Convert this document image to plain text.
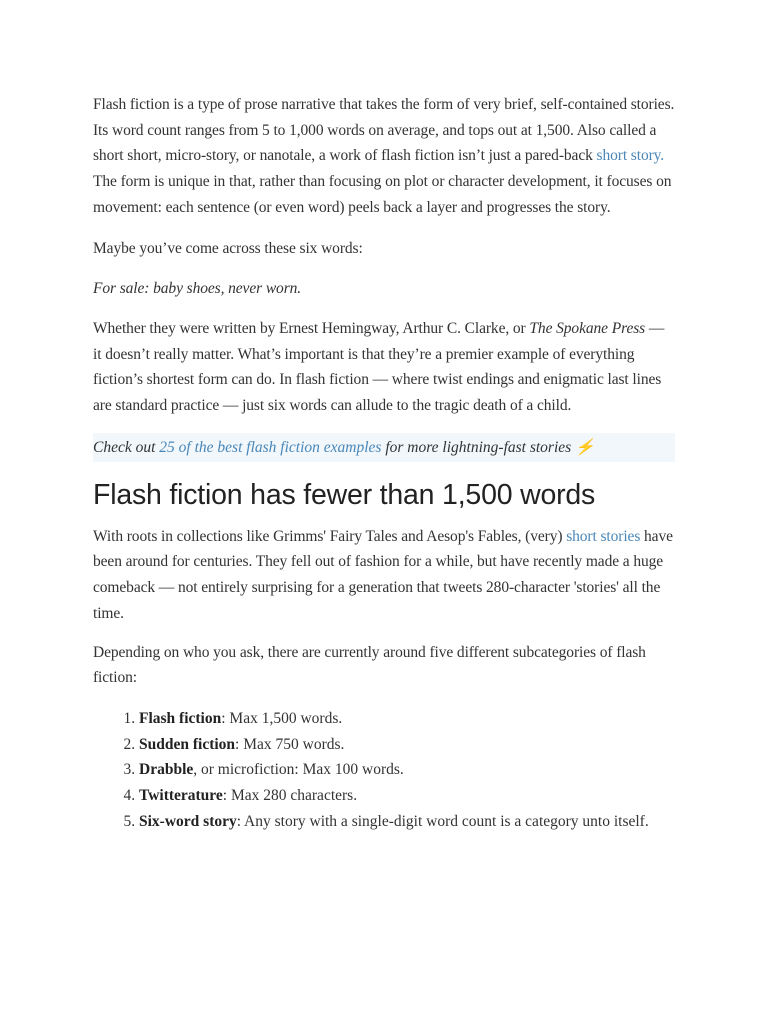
Flash fiction is a type of prose narrative that takes the form of very brief, self-contained stories. Its word count ranges from 5 to 1,000 words on average, and tops out at 1,500. Also called a short short, micro-story, or nanotale, a work of flash fiction isn’t just a pared-back short story. The form is unique in that, rather than focusing on plot or character development, it focuses on movement: each sentence (or even word) peels back a layer and progresses the story.

Maybe you’ve come across these six words:

For sale: baby shoes, never worn.

Whether they were written by Ernest Hemingway, Arthur C. Clarke, or The Spokane Press — it doesn’t really matter. What’s important is that they’re a premier example of everything fiction’s shortest form can do. In flash fiction — where twist endings and enigmatic last lines are standard practice — just six words can allude to the tragic death of a child.

Check out 25 of the best flash fiction examples for more lightning-fast stories ⚡
Flash fiction has fewer than 1,500 words

With roots in collections like Grimms' Fairy Tales and Aesop's Fables, (very) short stories have been around for centuries. They fell out of fashion for a while, but have recently made a huge comeback — not entirely surprising for a generation that tweets 280-character 'stories' all the time.

Depending on who you ask, there are currently around five different subcategories of flash fiction:

1. Flash fiction: Max 1,500 words.
2. Sudden fiction: Max 750 words.
3. Drabble, or microfiction: Max 100 words.
4. Twitterature: Max 280 characters.
5. Six-word story: Any story with a single-digit word count is a category unto itself.
